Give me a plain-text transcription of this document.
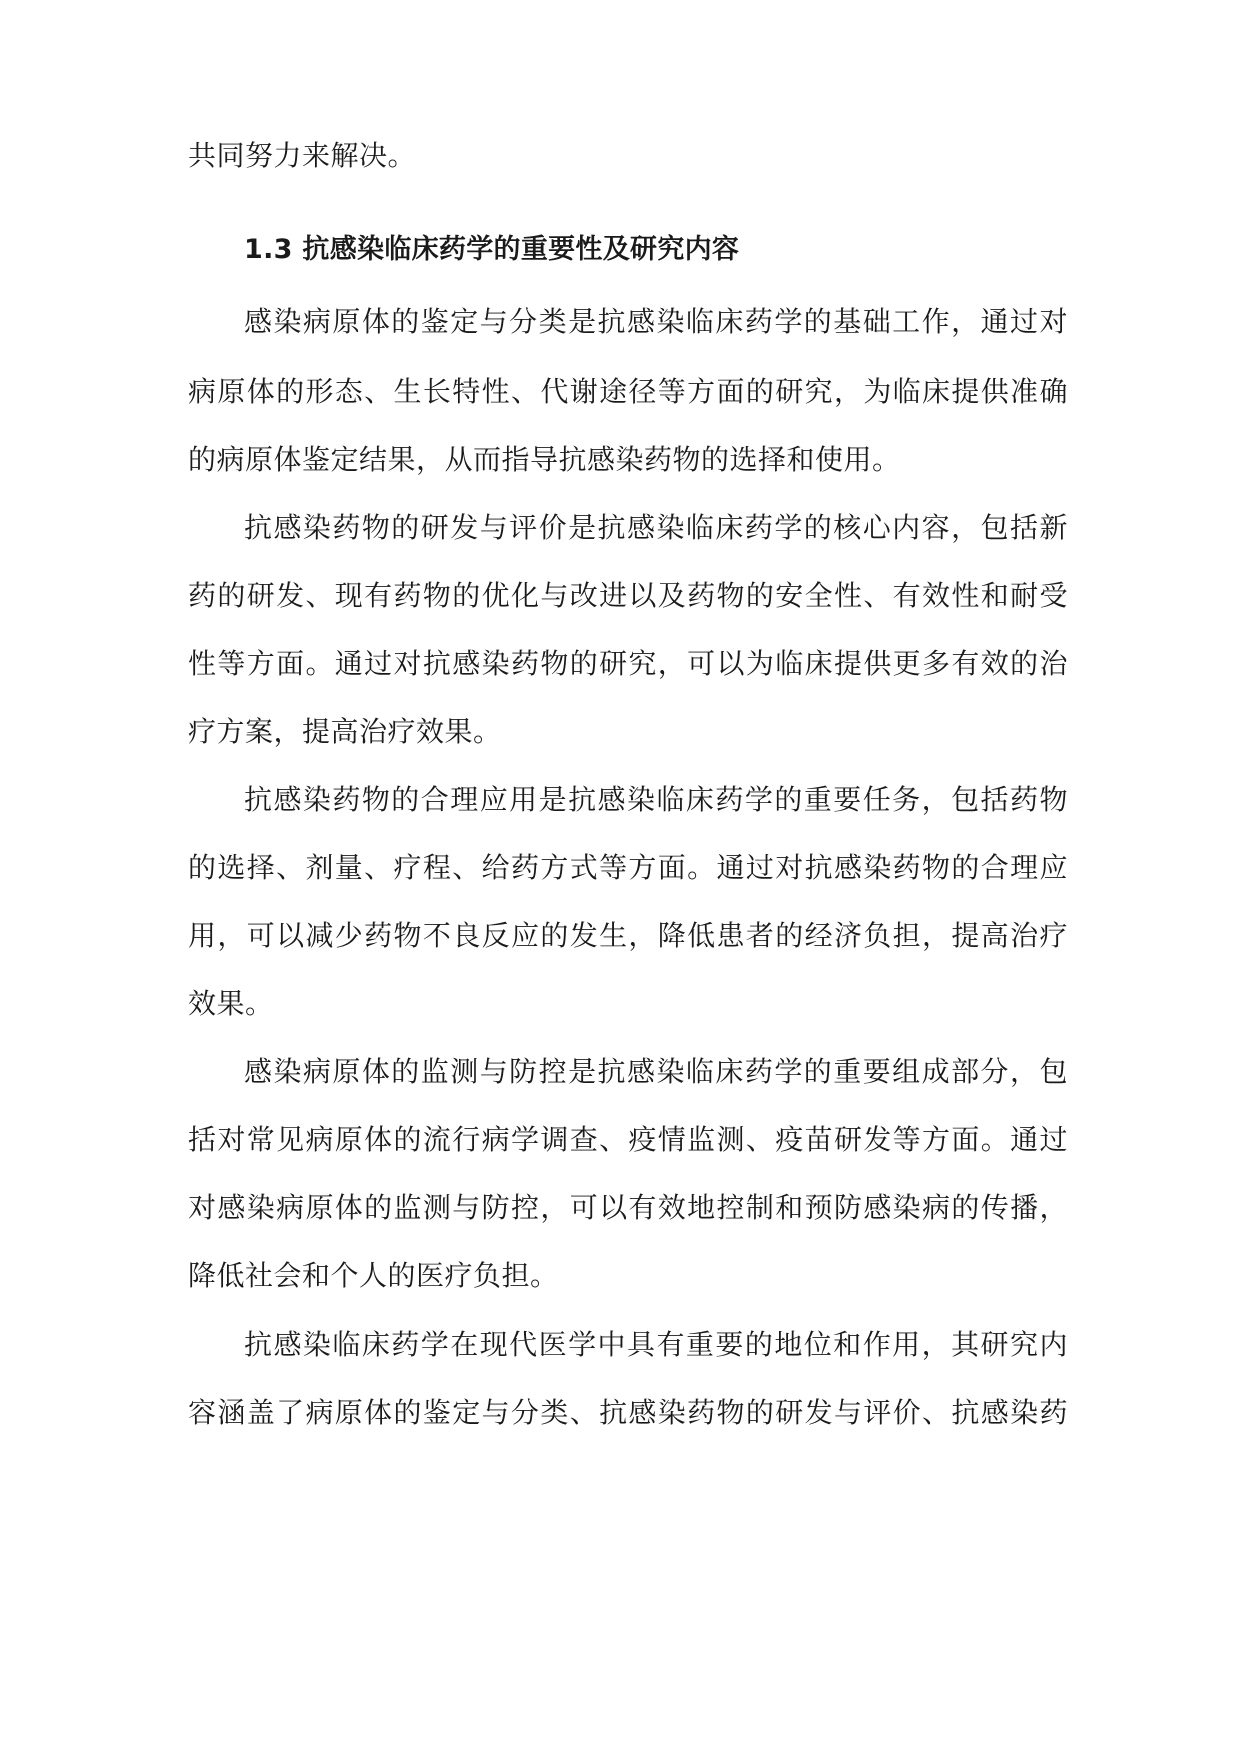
共同努力来解决。
1.3 抗感染临床药学的重要性及研究内容
感染病原体的鉴定与分类是抗感染临床药学的基础工作，通过对
病原体的形态、生长特性、代谢途径等方面的研究，为临床提供准确
的病原体鉴定结果，从而指导抗感染药物的选择和使用。
抗感染药物的研发与评价是抗感染临床药学的核心内容，包括新
药的研发、现有药物的优化与改进以及药物的安全性、有效性和耐受
性等方面。通过对抗感染药物的研究，可以为临床提供更多有效的治
疗方案，提高治疗效果。
抗感染药物的合理应用是抗感染临床药学的重要任务，包括药物
的选择、剂量、疗程、给药方式等方面。通过对抗感染药物的合理应
用，可以减少药物不良反应的发生，降低患者的经济负担，提高治疗
效果。
感染病原体的监测与防控是抗感染临床药学的重要组成部分，包
括对常见病原体的流行病学调查、疫情监测、疫苗研发等方面。通过
对感染病原体的监测与防控，可以有效地控制和预防感染病的传播，
降低社会和个人的医疗负担。
抗感染临床药学在现代医学中具有重要的地位和作用，其研究内
容涵盖了病原体的鉴定与分类、抗感染药物的研发与评价、抗感染药
